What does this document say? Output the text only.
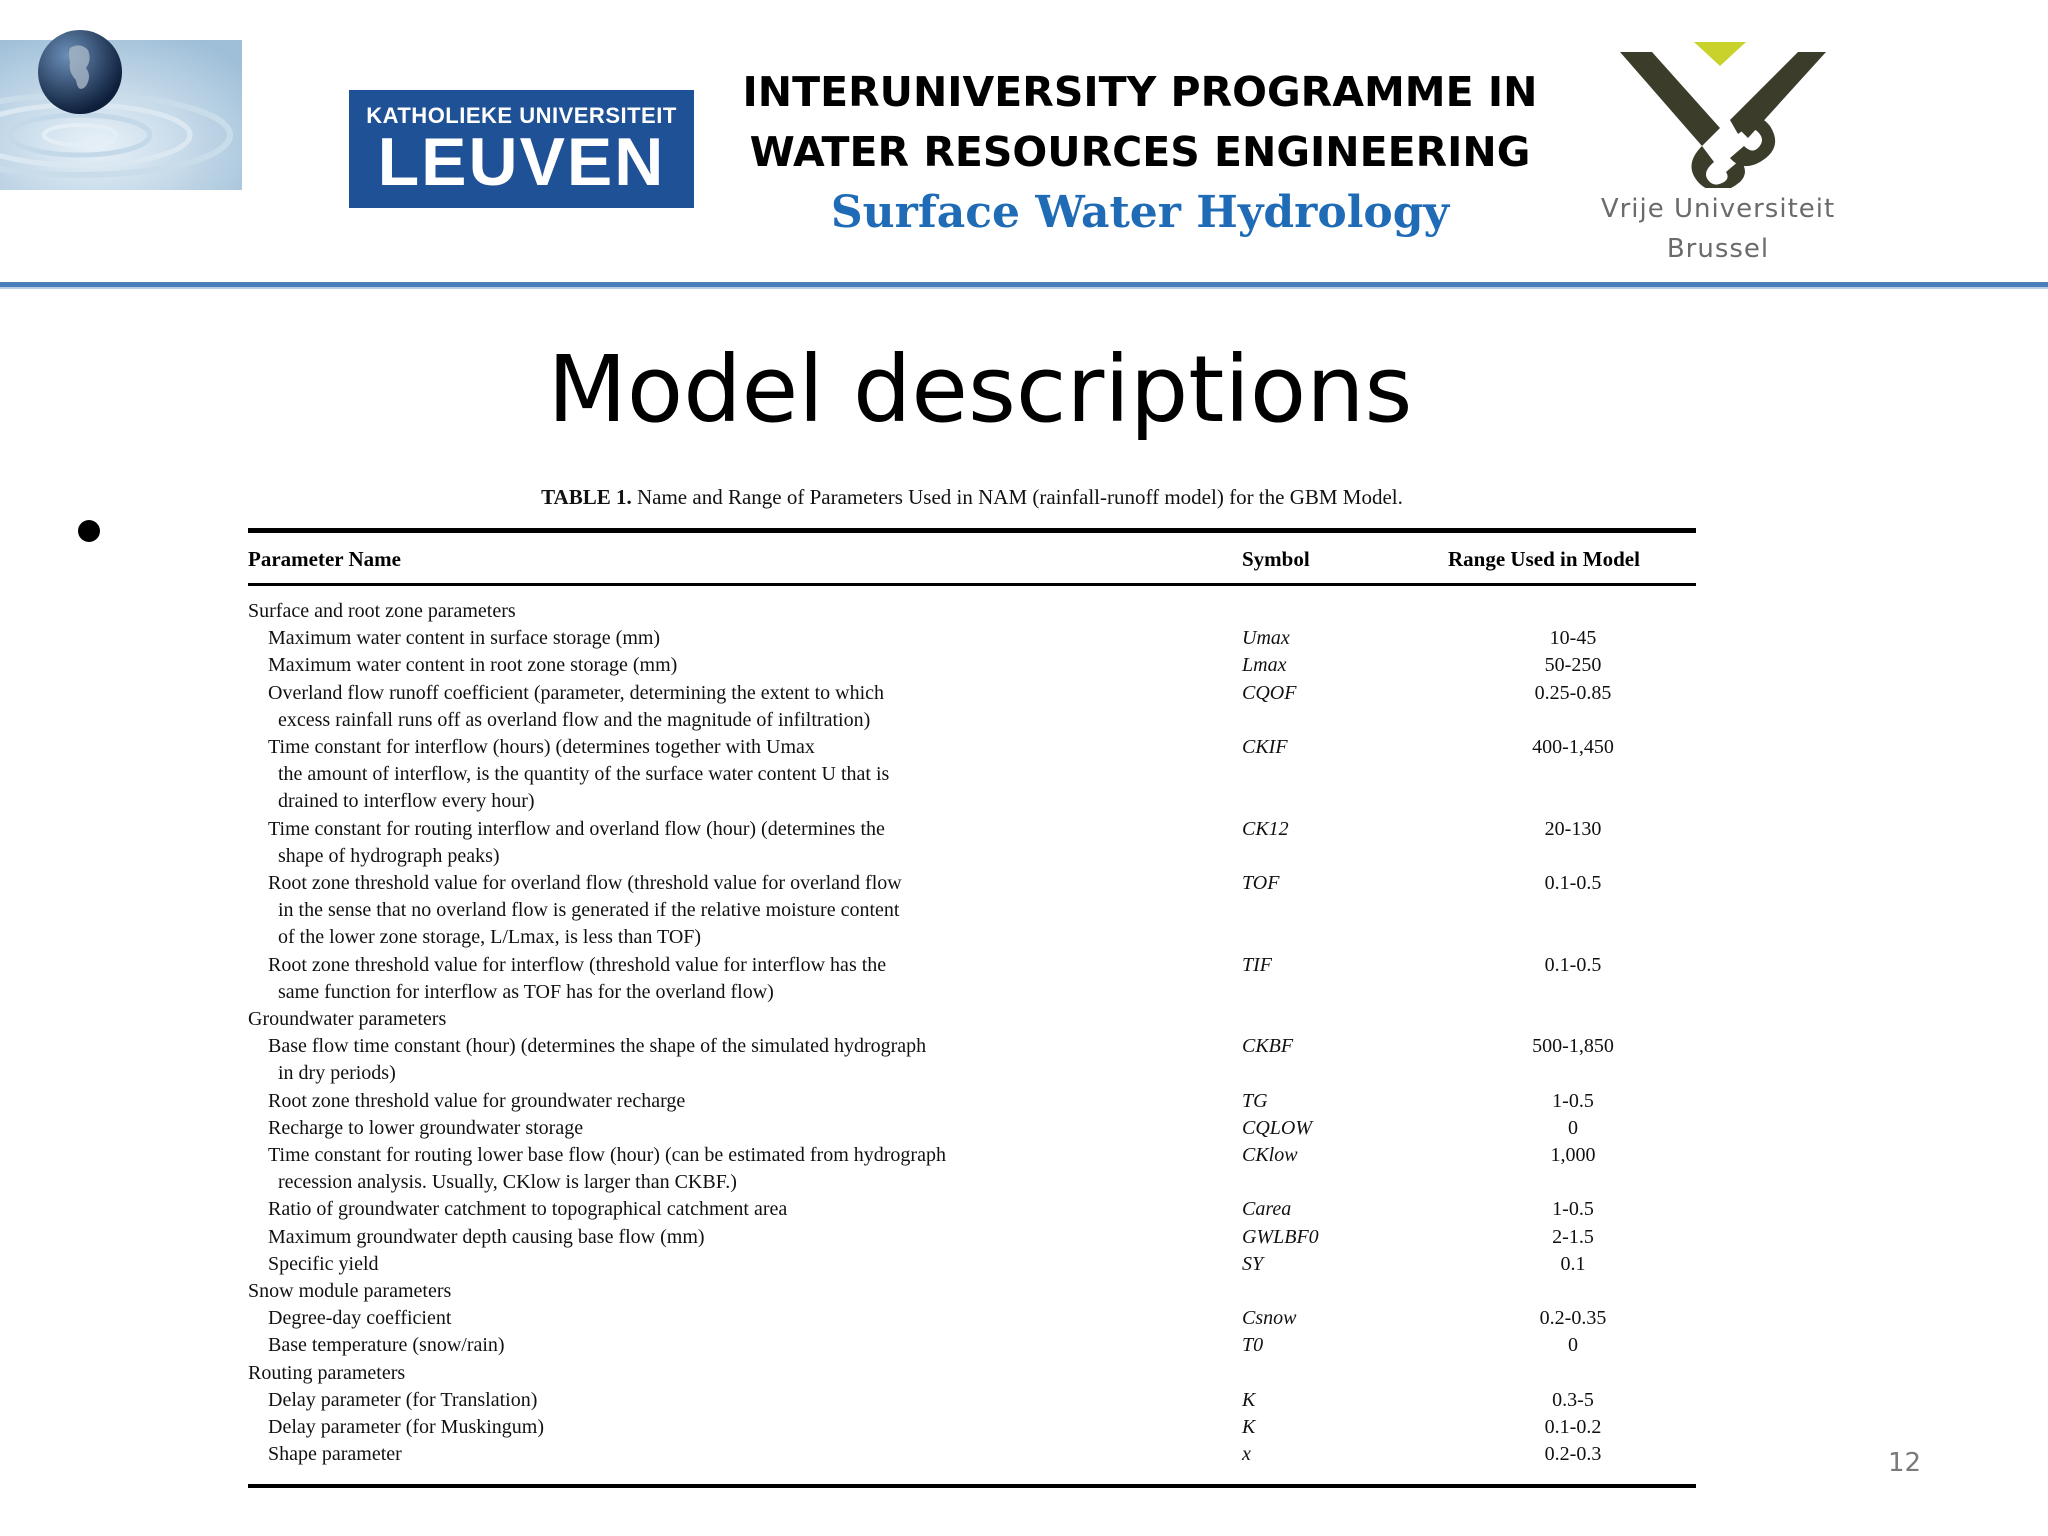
KATHOLIEKE UNIVERSITEIT
LEUVEN
INTERUNIVERSITY PROGRAMME IN
WATER RESOURCES ENGINEERING
Surface Water Hydrology	Vrije Universiteit
Brussel
Model descriptions
TABLE 1. Name and Range of Parameters Used in NAM (rainfall-runoff model) for the GBM Model.
Parameter Name	Symbol	Range Used in Model
Surface and root zone parameters
Maximum water content in surface storage (mm)	Umax	10-45
Maximum water content in root zone storage (mm)	Lmax	50-250
Overland flow runoff coefficient (parameter, determining the extent to which
excess rainfall runs off as overland flow and the magnitude of infiltration)
CQOF	0.25-0.85
Time constant for interflow (hours) (determines together with Umax
the amount of interflow, is the quantity of the surface water content U that is
drained to interflow every hour)
CKIF	400-1,450
Time constant for routing interflow and overland flow (hour) (determines the
shape of hydrograph peaks)
CK12	20-130
Root zone threshold value for overland flow (threshold value for overland flow
in the sense that no overland flow is generated if the relative moisture content
of the lower zone storage, L/Lmax, is less than TOF)
TOF	0.1-0.5
Root zone threshold value for interflow (threshold value for interflow has the
same function for interflow as TOF has for the overland flow)
TIF	0.1-0.5
Groundwater parameters
Base flow time constant (hour) (determines the shape of the simulated hydrograph
in dry periods)
CKBF	500-1,850
Root zone threshold value for groundwater recharge	TG	1-0.5
Recharge to lower groundwater storage	CQLOW	0
Time constant for routing lower base flow (hour) (can be estimated from hydrograph
recession analysis. Usually, CKlow is larger than CKBF.)
CKlow	1,000
Ratio of groundwater catchment to topographical catchment area	Carea	1-0.5
Maximum groundwater depth causing base flow (mm)	GWLBF0	2-1.5
Specific yield	SY	0.1
Snow module parameters
Degree-day coefficient	Csnow	0.2-0.35
Base temperature (snow/rain)	T0	0
Routing parameters
Delay parameter (for Translation)	K	0.3-5
Delay parameter (for Muskingum)	K	0.1-0.2
Shape parameter	x	0.2-0.3	12
